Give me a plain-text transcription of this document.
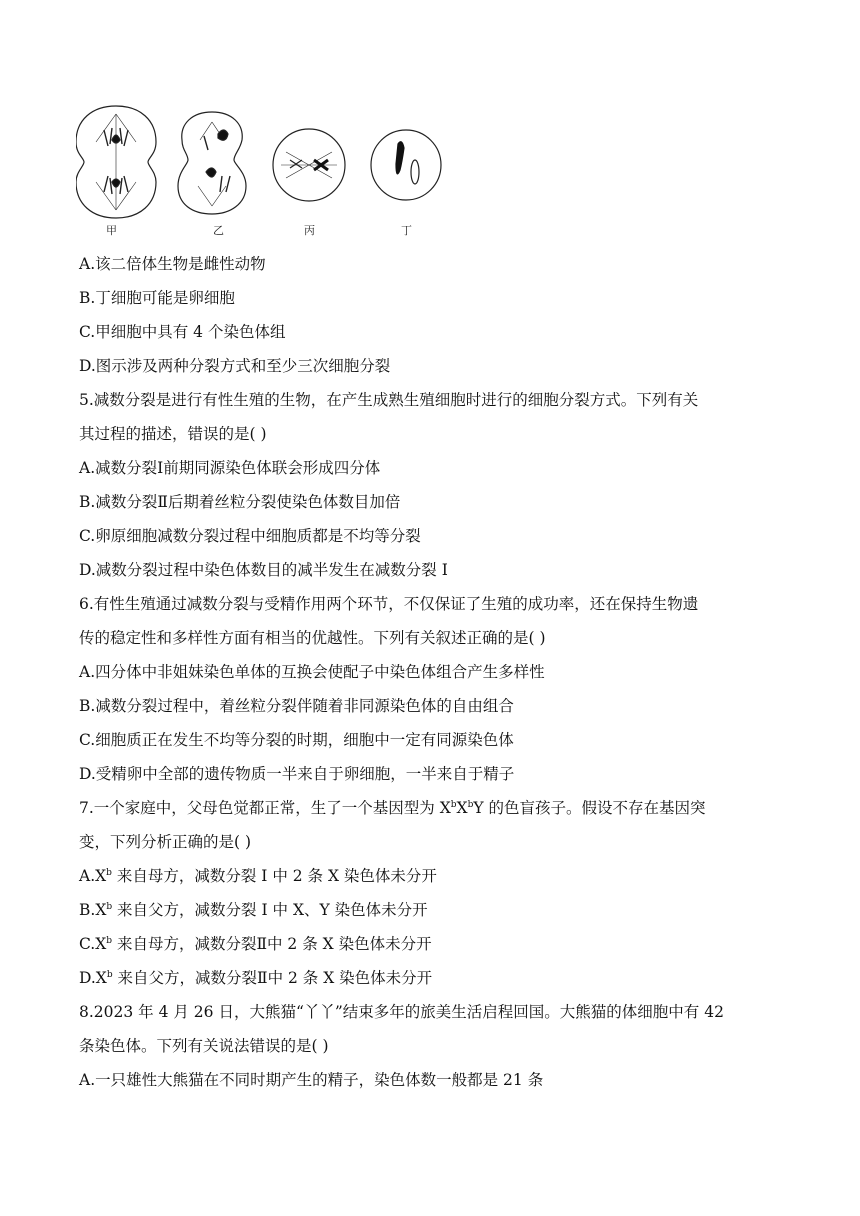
甲	乙	丙	丁
A.该二倍体生物是雌性动物
B.丁细胞可能是卵细胞
C.甲细胞中具有 4 个染色体组
D.图示涉及两种分裂方式和至少三次细胞分裂
5.减数分裂是进行有性生殖的生物，在产生成熟生殖细胞时进行的细胞分裂方式。下列有关
其过程的描述，错误的是( )
A.减数分裂Ⅰ前期同源染色体联会形成四分体
B.减数分裂Ⅱ后期着丝粒分裂使染色体数目加倍
C.卵原细胞减数分裂过程中细胞质都是不均等分裂
D.减数分裂过程中染色体数目的减半发生在减数分裂 I
6.有性生殖通过减数分裂与受精作用两个环节，不仅保证了生殖的成功率，还在保持生物遗
传的稳定性和多样性方面有相当的优越性。下列有关叙述正确的是( )
A.四分体中非姐妹染色单体的互换会使配子中染色体组合产生多样性
B.减数分裂过程中，着丝粒分裂伴随着非同源染色体的自由组合
C.细胞质正在发生不均等分裂的时期，细胞中一定有同源染色体
D.受精卵中全部的遗传物质一半来自于卵细胞，一半来自于精子
7.一个家庭中，父母色觉都正常，生了一个基因型为 $X^bX^bY$ 的色盲孩子。假设不存在基因突
变，下列分析正确的是( )
$A.X^b$ 来自母方，减数分裂 I 中 2 条 X 染色体未分开
$B.X^b$ 来自父方，减数分裂 I 中 X、Y 染色体未分开
$C.X^b$ 来自母方，减数分裂Ⅱ中 2 条 X 染色体未分开
$D.X^b$ 来自父方，减数分裂Ⅱ中 2 条 X 染色体未分开
8.2023 年 4 月 26 日，大熊猫“丫丫”结束多年的旅美生活启程回国。大熊猫的体细胞中有 42
条染色体。下列有关说法错误的是( )
A.一只雄性大熊猫在不同时期产生的精子，染色体数一般都是 21 条
